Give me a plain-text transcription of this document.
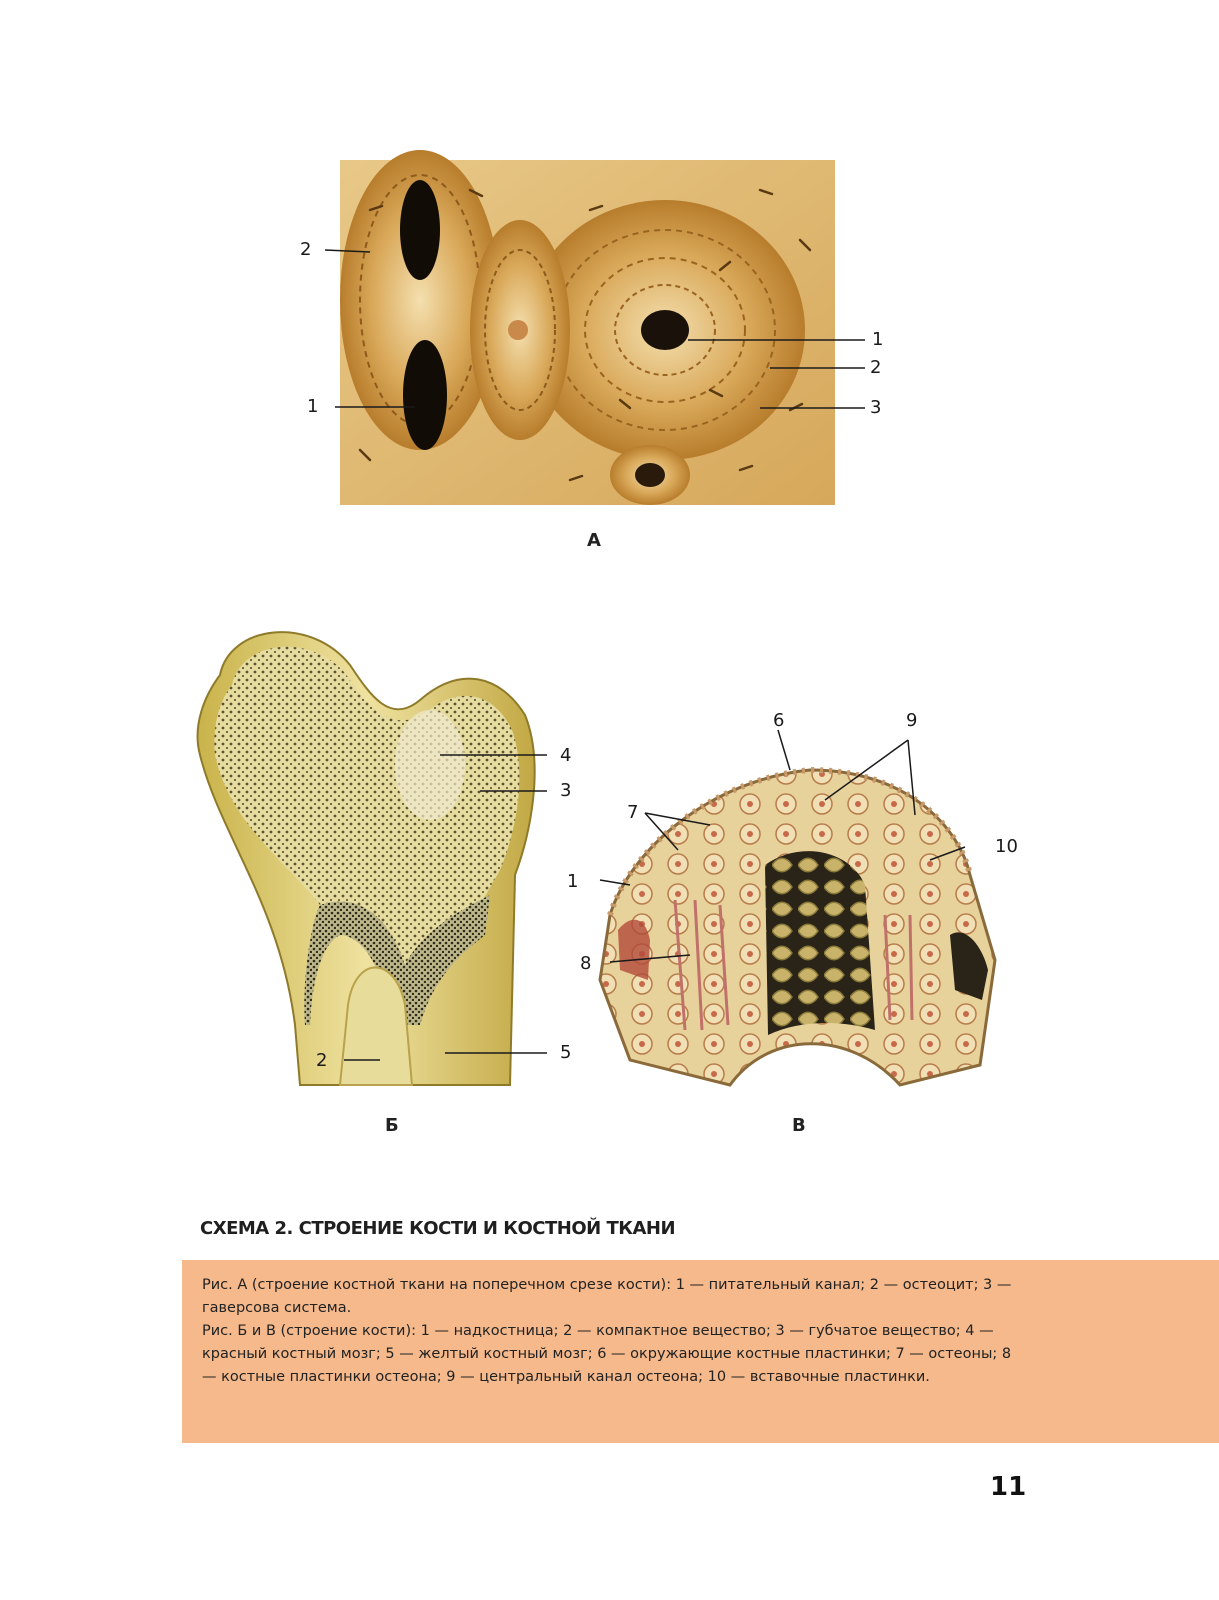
2
1
1
2
3
А
4
3
2	5
Б
6	9
7
10
1
8
В
СХЕМА 2. СТРОЕНИЕ КОСТИ И КОСТНОЙ ТКАНИ

Рис. А (строение костной ткани на поперечном срезе кости): 1 — питательный канал; 2 — остеоцит; 3 — гаверсова система.

Рис. Б и В (строение кости): 1 — надкостница; 2 — компактное вещество; 3 — губчатое вещество; 4 — красный костный мозг; 5 — желтый костный мозг; 6 — окружающие костные пластинки; 7 — остеоны; 8 — костные пластинки остеона; 9 — центральный канал остеона; 10 — вставочные пластинки.

11
